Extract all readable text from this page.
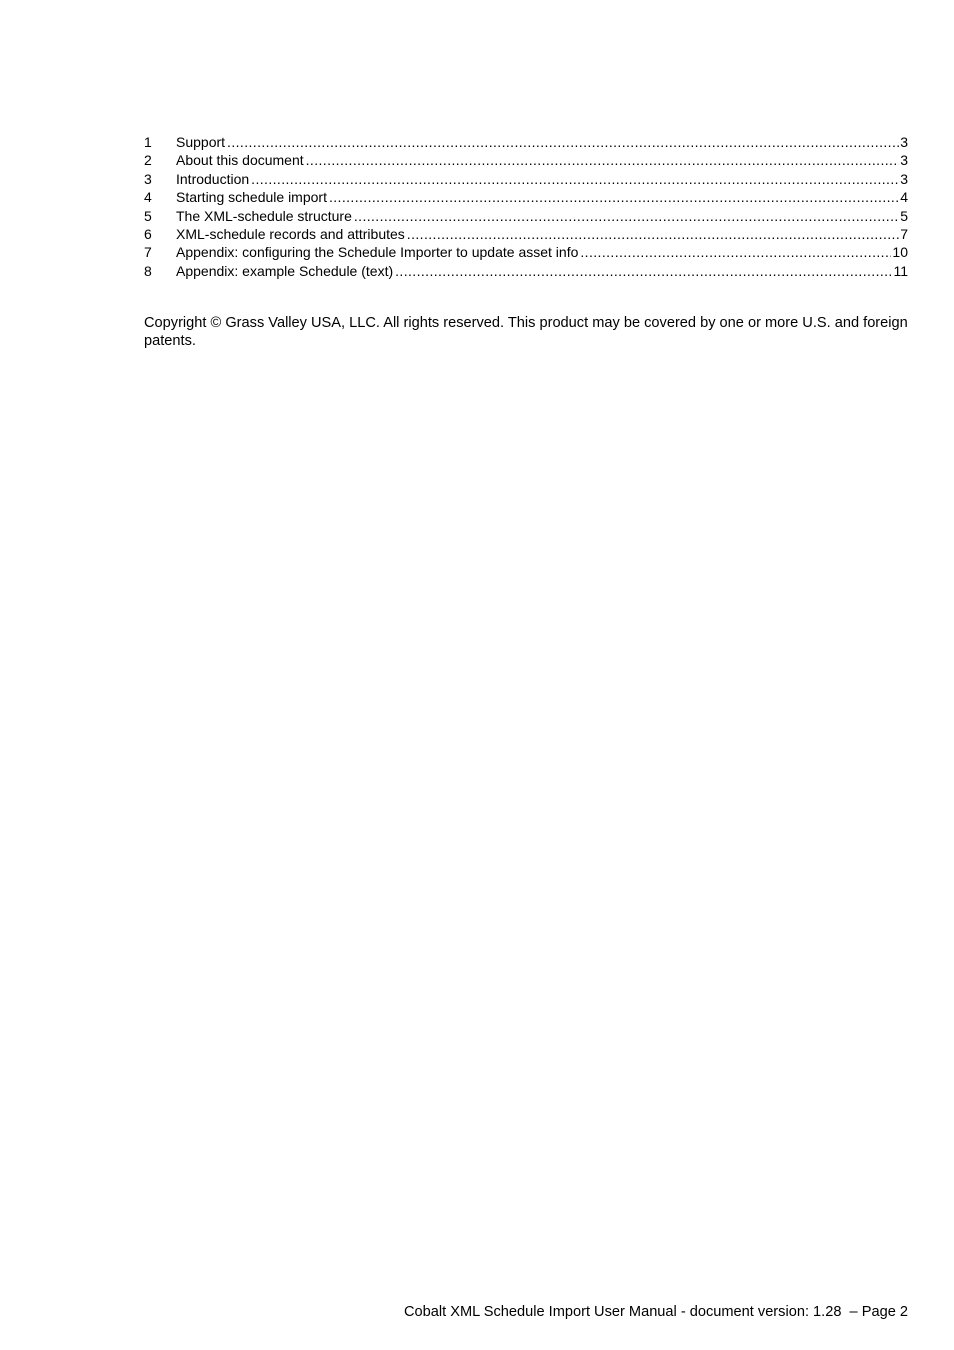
1	Support .....	3
2	About this document .....	3
3	Introduction .....	3
4	Starting schedule import .....	4
5	The XML-schedule structure .....	5
6	XML-schedule records and attributes .....	7
7	Appendix: configuring the Schedule Importer to update asset info .....	10
8	Appendix: example Schedule (text) .....	11

Copyright © Grass Valley USA, LLC. All rights reserved. This product may be covered by one or more U.S. and foreign patents.

Cobalt XML Schedule Import User Manual - document version: 1.28  – Page 2
